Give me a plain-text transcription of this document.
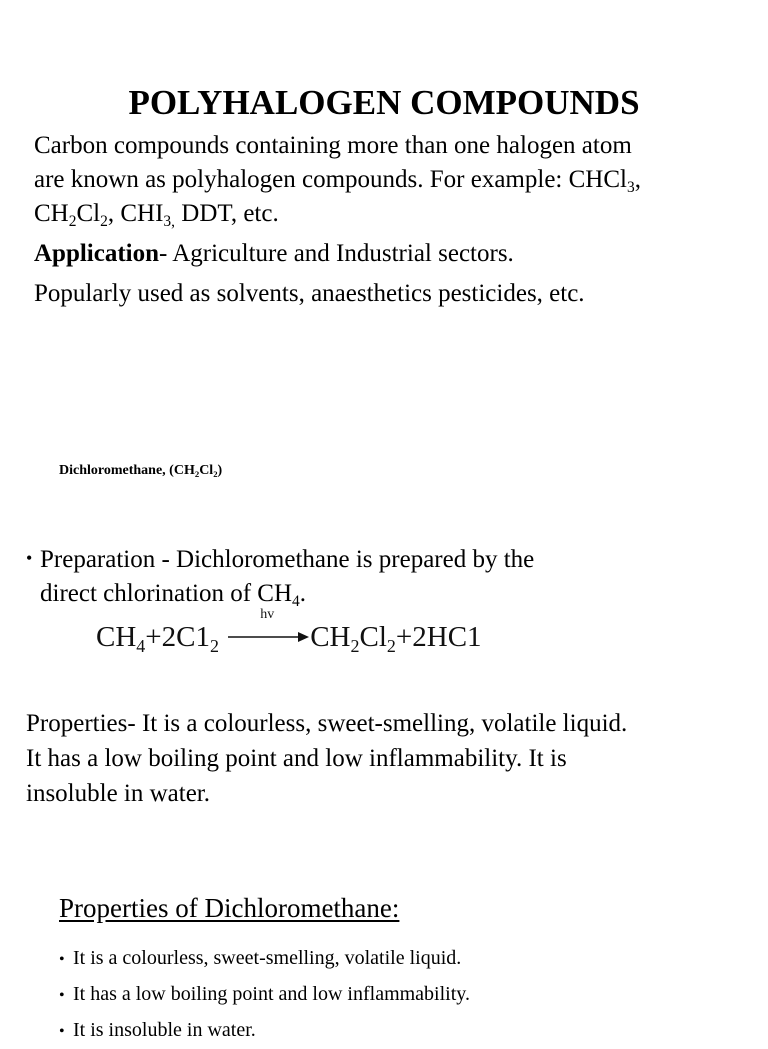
POLYHALOGEN COMPOUNDS
Carbon compounds containing more than one halogen atom
are known as polyhalogen compounds. For example: CHCl$_3$,
$CH_2Cl_2$, $CHI_{3,}$ DDT, etc.
Application- Agriculture and Industrial sectors.
Popularly used as solvents, anaesthetics pesticides, etc.
Dichloromethane, $(CH_2Cl_2)$
• Preparation - Dichloromethane is prepared by the
direct chlorination of $CH_4$.
$CH_4+2C1_2$
hv
$CH_2Cl_2+2HC1$
Properties- It is a colourless, sweet-smelling, volatile liquid.
It has a low boiling point and low inflammability. It is
insoluble in water.
Properties of Dichloromethane:
• It is a colourless, sweet-smelling, volatile liquid.
• It has a low boiling point and low inflammability.
• It is insoluble in water.
